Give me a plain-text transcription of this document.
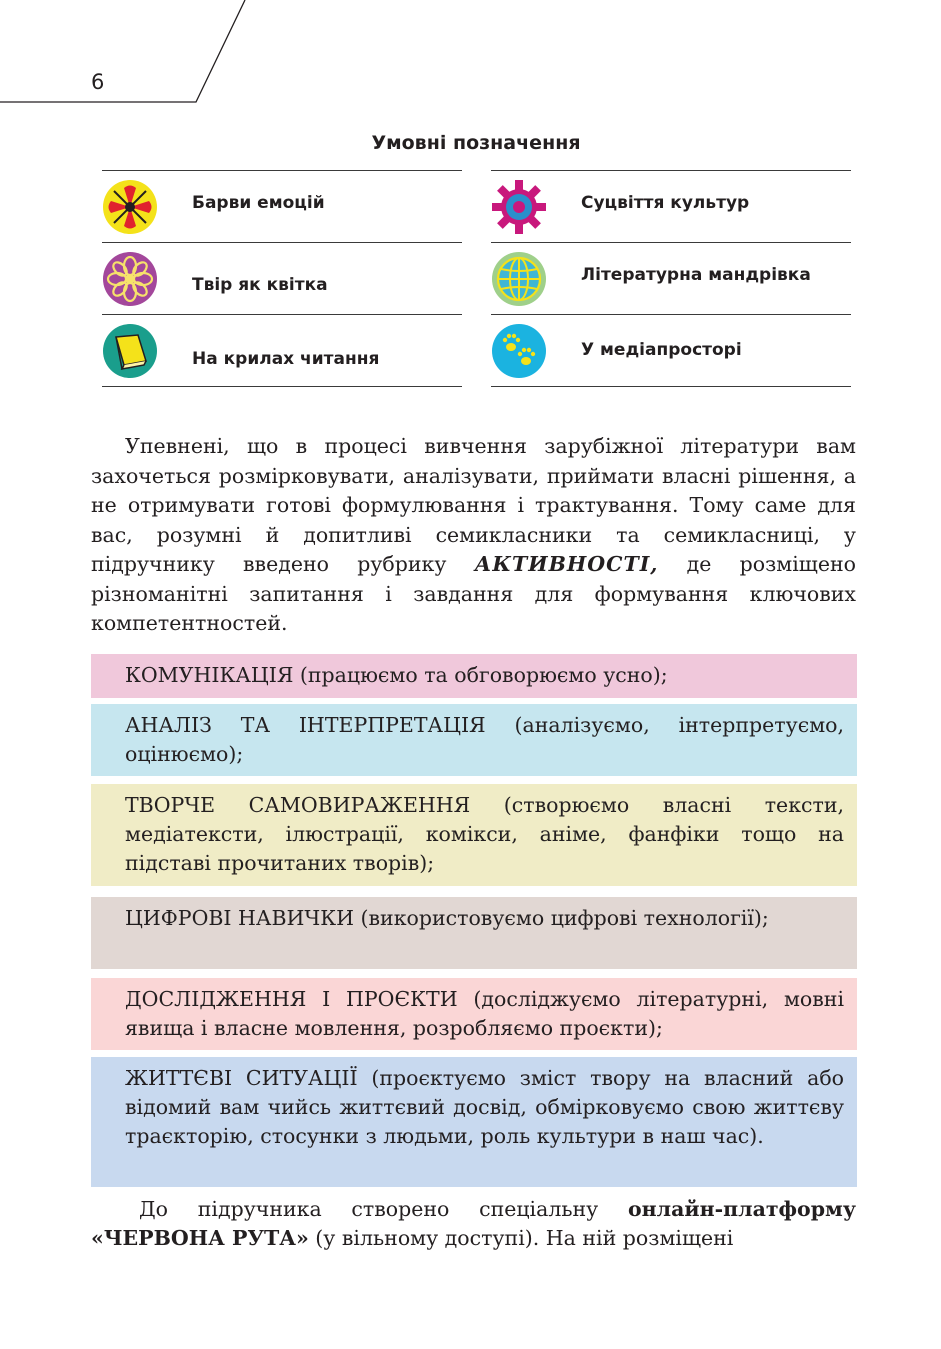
6
Умовні позначення
Барви емоцій
Твір як квітка
На крилах читання
Суцвіття культур
Літературна мандрівка
У медіапросторі

Упевнені, що в процесі вивчення зарубіжної літератури вам захочеться розмірковувати, аналізувати, приймати власні рішення, а не отримувати готові формулювання і трактування. Тому саме для вас, розумні й допитливі семикласники та семикласниці, у підручнику введено рубрику АКТИВНОСТІ, де розміщено різноманітні запитання і завдання для формування ключових компетентностей.

КОМУНІКАЦІЯ (працюємо та обговорюємо усно);
АНАЛІЗ ТА ІНТЕРПРЕТАЦІЯ (аналізуємо, інтерпретуємо, оцінюємо);
ТВОРЧЕ САМОВИРАЖЕННЯ (створюємо власні тексти, медіатексти, ілюстрації, комікси, аніме, фанфіки тощо на підставі прочитаних творів);
ЦИФРОВІ НАВИЧКИ (використовуємо цифрові технології);
ДОСЛІДЖЕННЯ І ПРОЄКТИ (досліджуємо літературні, мовні явища і власне мовлення, розробляємо проєкти);
ЖИТТЄВІ СИТУАЦІЇ (проєктуємо зміст твору на власний або відомий вам чийсь життєвий досвід, обмірковуємо свою життєву траєкторію, стосунки з людьми, роль культури в наш час).

До підручника створено спеціальну онлайн-платформу «ЧЕРВОНА РУТА» (у вільному доступі). На ній розміщені
